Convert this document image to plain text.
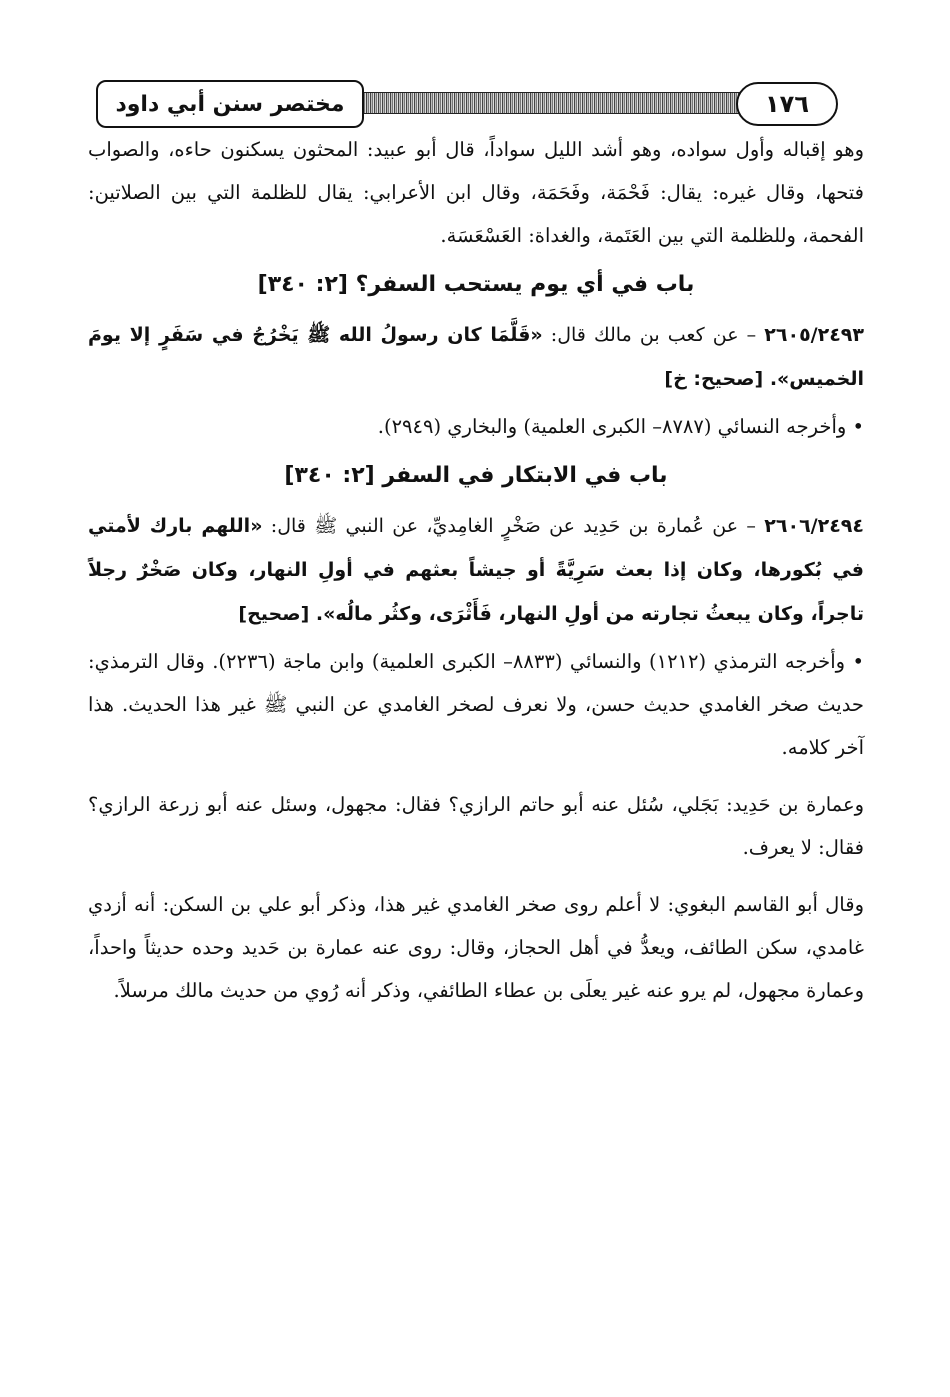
مختصر سنن أبي داود	١٧٦

وهو إقباله وأول سواده، وهو أشد الليل سواداً، قال أبو عبيد: المحثون يسكنون حاءه، والصواب فتحها، وقال غيره: يقال: فَحْمَة، وفَحَمَة، وقال ابن الأعرابي: يقال للظلمة التي بين الصلاتين: الفحمة، وللظلمة التي بين العَتَمة، والغداة: العَسْعَسَة.

باب في أي يوم يستحب السفر؟ [٢: ٣٤٠]

٢٦٠٥/٢٤٩٣ – عن كعب بن مالك قال: «قَلَّمَا كان رسولُ الله ﷺ يَخْرُجُ في سَفَرٍ إلا يومَ الخميس». [صحيح: خ]

• وأخرجه النسائي (٨٧٨٧– الكبرى العلمية) والبخاري (٢٩٤٩).

باب في الابتكار في السفر [٢: ٣٤٠]

٢٦٠٦/٢٤٩٤ – عن عُمارة بن حَدِيد عن صَخْرٍ الغامِديِّ، عن النبي ﷺ قال: «اللهم بارك لأمتي في بُكورها، وكان إذا بعث سَرِيَّةً أو جيشاً بعثهم في أولِ النهار، وكان صَخْرٌ رجلاً تاجراً، وكان يبعثُ تجارته من أولِ النهار، فَأَثْرَى، وكثُر مالُه». [صحيح]

• وأخرجه الترمذي (١٢١٢) والنسائي (٨٨٣٣– الكبرى العلمية) وابن ماجة (٢٢٣٦). وقال الترمذي: حديث صخر الغامدي حديث حسن، ولا نعرف لصخر الغامدي عن النبي ﷺ غير هذا الحديث. هذا آخر كلامه.

وعمارة بن حَدِيد: بَجَلي، سُئل عنه أبو حاتم الرازي؟ فقال: مجهول، وسئل عنه أبو زرعة الرازي؟ فقال: لا يعرف.

وقال أبو القاسم البغوي: لا أعلم روى صخر الغامدي غير هذا، وذكر أبو علي بن السكن: أنه أزدي غامدي، سكن الطائف، ويعدُّ في أهل الحجاز، وقال: روى عنه عمارة بن حَديد وحده حديثاً واحداً، وعمارة مجهول، لم يرو عنه غير يعلَى بن عطاء الطائفي، وذكر أنه رُوي من حديث مالك مرسلاً.
